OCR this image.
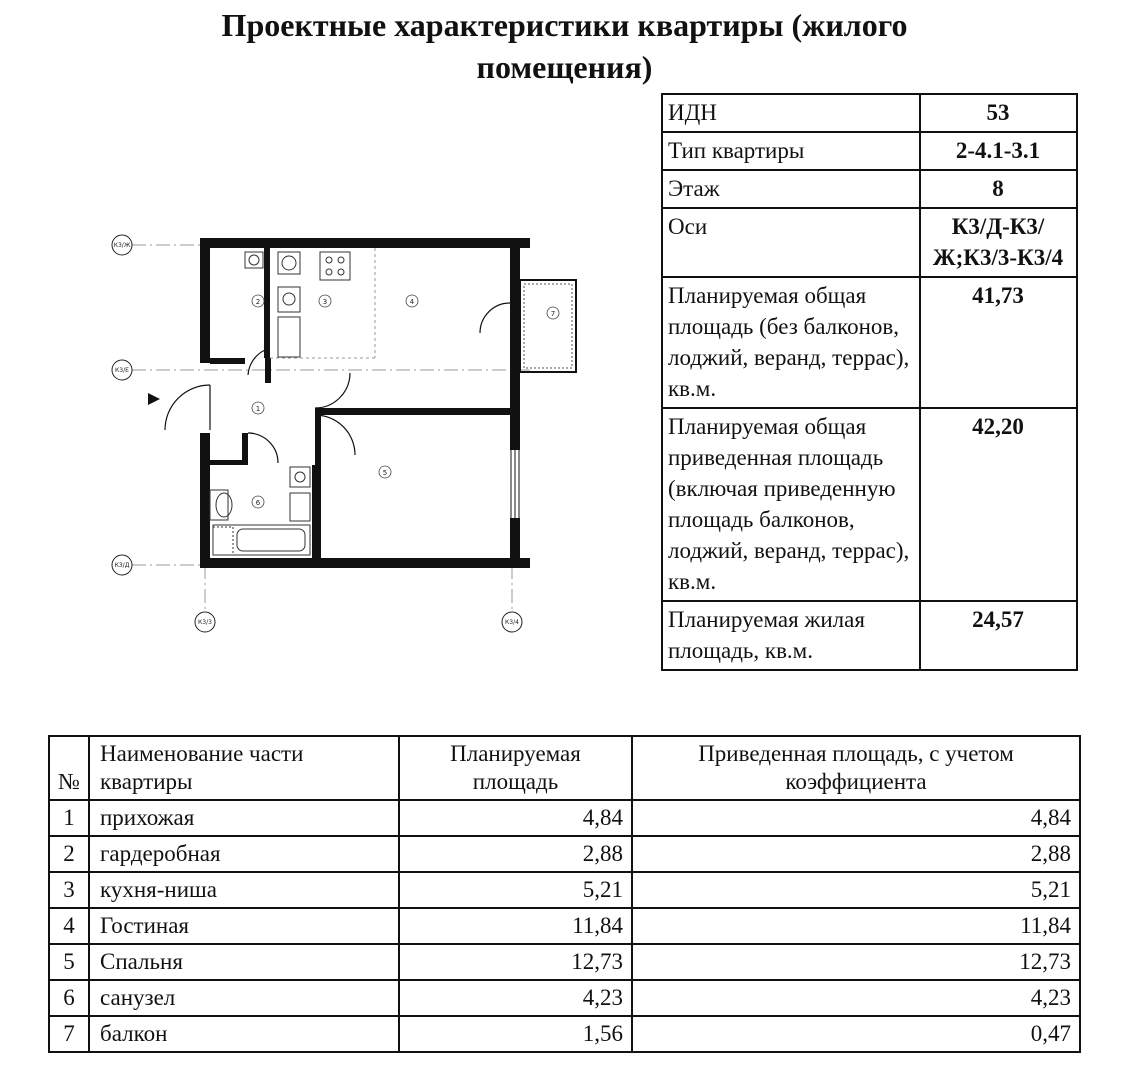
Проектные характеристики квартиры (жилого
помещения)
К3/Ж
К3/Е
К3/Д
К3/3	К3/4
1
2	3	4
5
6
7
ИДН	53
Тип квартиры	2-4.1-3.1
Этаж	8
Оси	К3/Д-К3/ Ж;К3/3-К3/4
Планируемая общая площадь (без балконов, лоджий, веранд, террас), кв.м.	41,73
Планируемая общая приведенная площадь (включая приведенную площадь балконов, лоджий, веранд, террас), кв.м.	42,20
Планируемая жилая площадь, кв.м.	24,57
№	Наименование части квартиры	Планируемая площадь	Приведенная площадь, с учетом коэффициента
1	прихожая	4,84	4,84
2	гардеробная	2,88	2,88
3	кухня-ниша	5,21	5,21
4	Гостиная	11,84	11,84
5	Спальня	12,73	12,73
6	санузел	4,23	4,23
7	балкон	1,56	0,47
